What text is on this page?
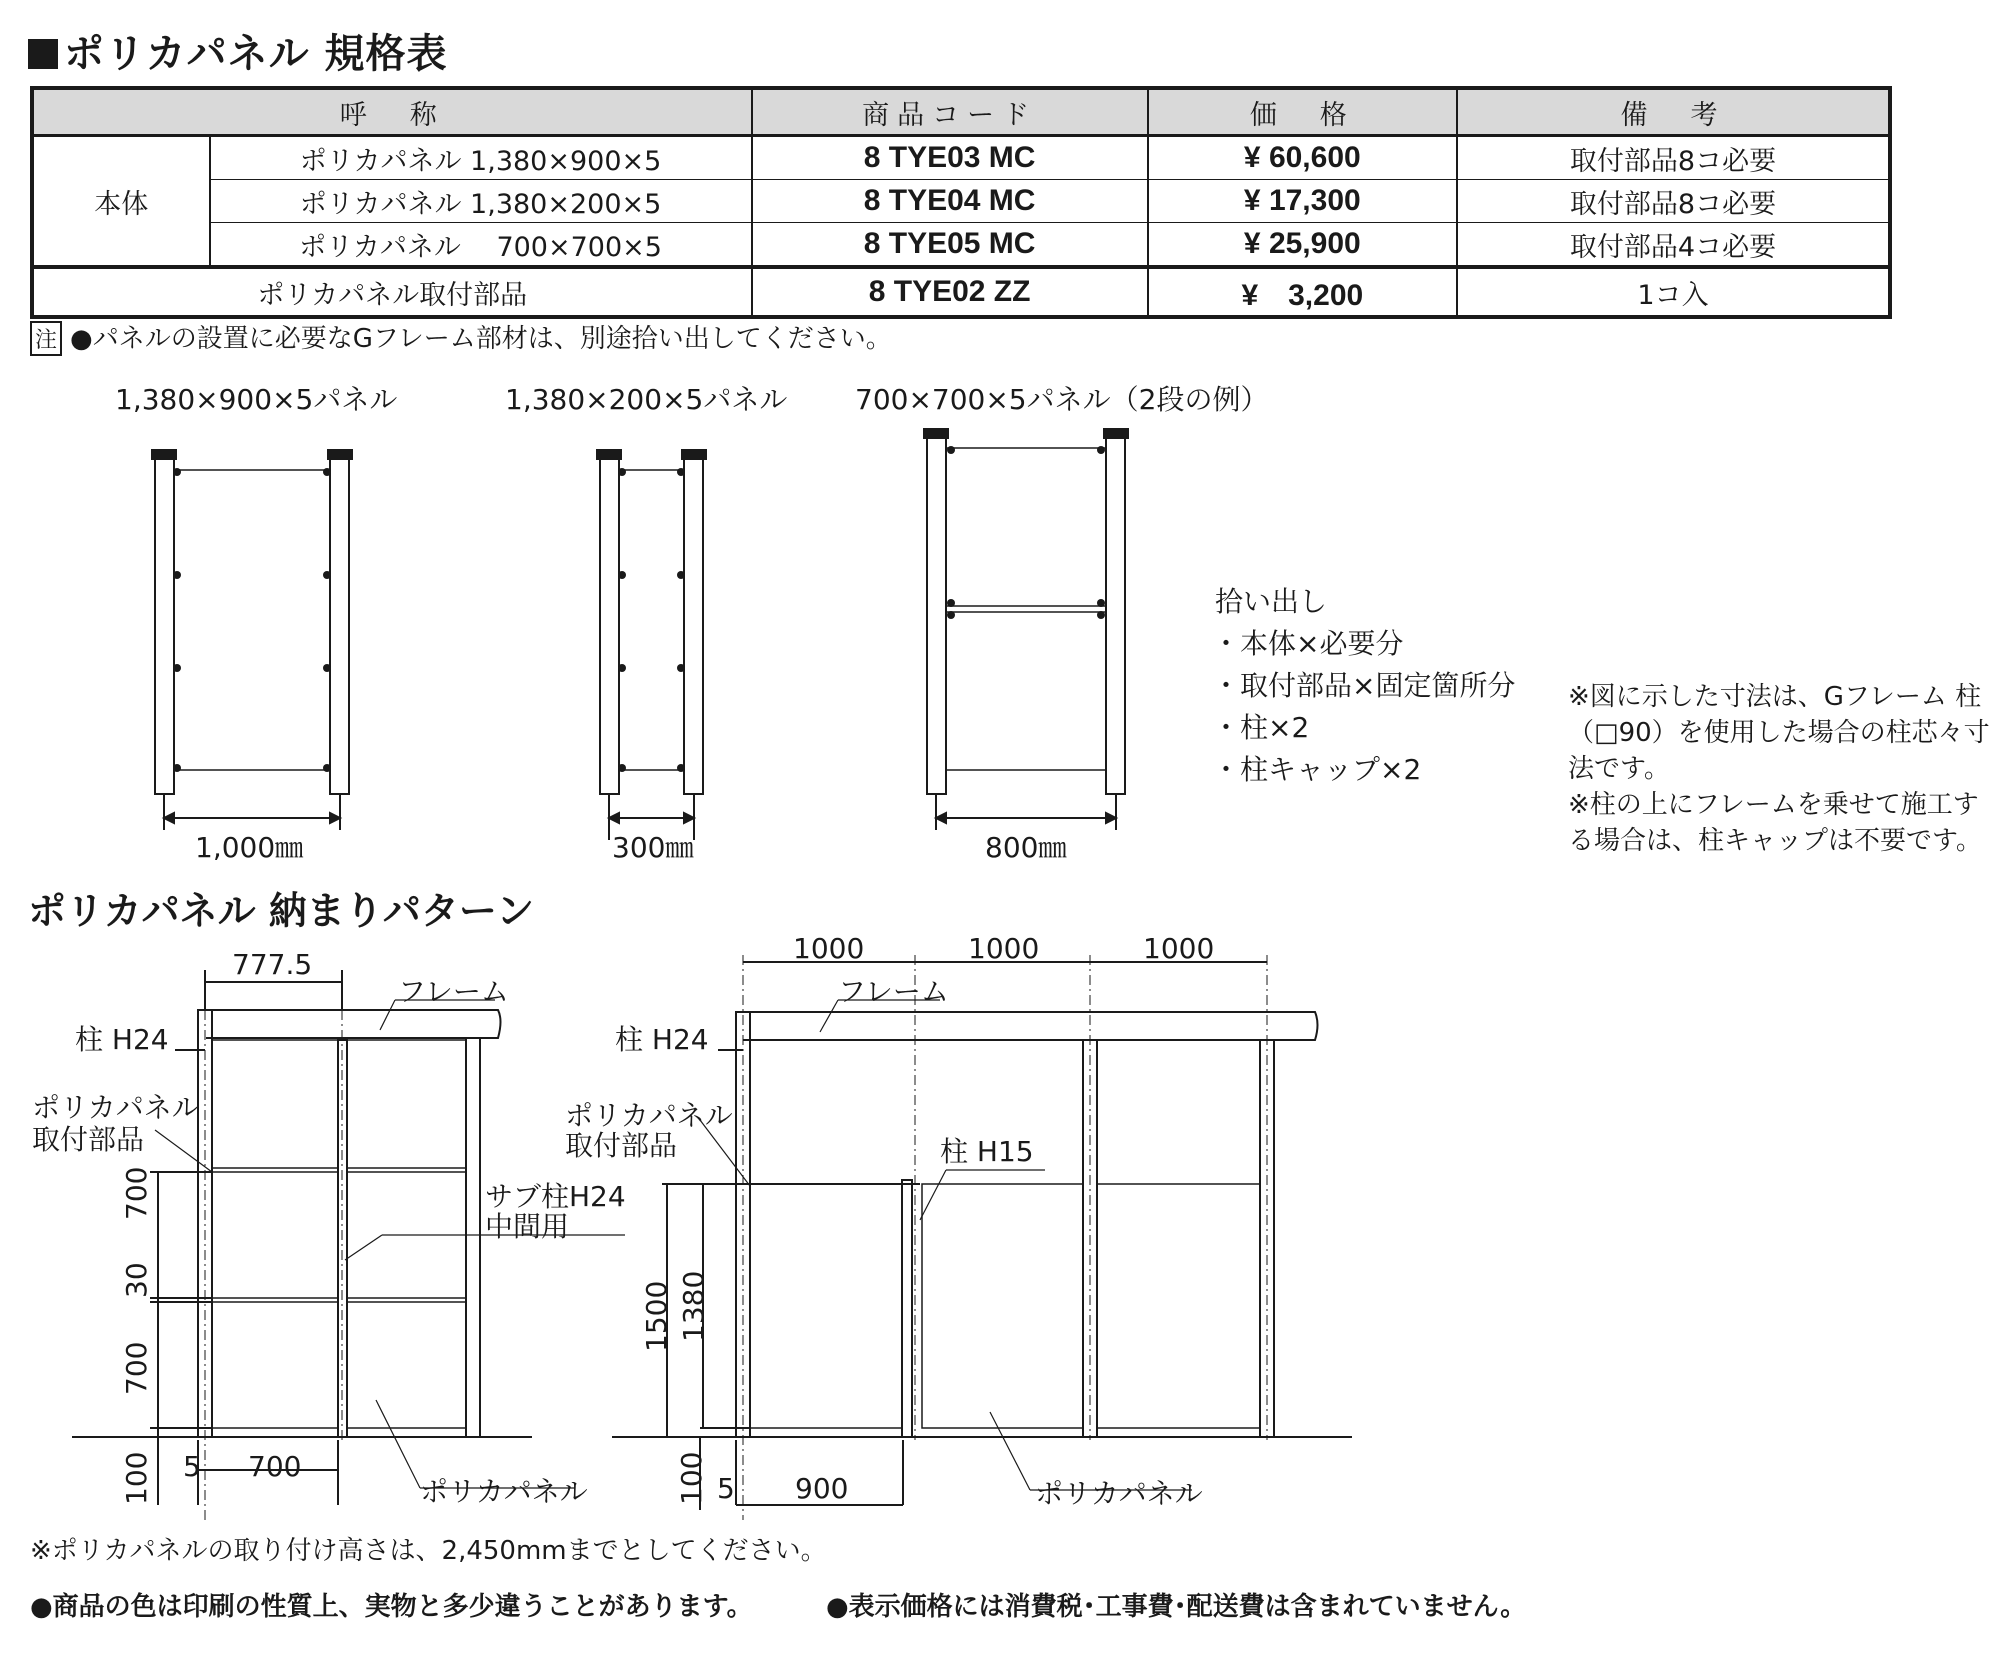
ポリカパネル 規格表
呼　称		商品コード	価　格	備　考
本体	ポリカパネル 1,380×900×5	8 TYE03 MC	¥ 60,600	取付部品8コ必要
	ポリカパネル 1,380×200×5	8 TYE04 MC	¥ 17,300	取付部品8コ必要
	ポリカパネル　 700×700×5	8 TYE05 MC	¥ 25,900	取付部品4コ必要
ポリカパネル取付部品		8 TYE02 ZZ	¥　3,200	1コ入
注 ●パネルの設置に必要なGフレーム部材は、別途拾い出してください。
1,380×900×5パネル	1,380×200×5パネル 700×700×5パネル（2段の例）
1,000㎜	300㎜	800㎜
拾い出し
・本体×必要分
・取付部品×固定箇所分
・柱×2
・柱キャップ×2
※図に示した寸法は、Gフレーム 柱
（□90）を使用した場合の柱芯々寸
法です。
※柱の上にフレームを乗せて施工す
る場合は、柱キャップは不要です。
ポリカパネル 納まりパターン
777.5
フレーム
柱 H24
ポリカパネル
取付部品
サブ柱H24
中間用
700
30
700
100 5 700
ポリカパネル
1000	1000	1000
フレーム
柱 H24
ポリカパネル
取付部品	柱 H15
1500 1380
100 5 900	ポリカパネル
※ポリカパネルの取り付け高さは、2,450mmまでとしてください。
●商品の色は印刷の性質上、実物と多少違うことがあります。	●表示価格には消費税･工事費･配送費は含まれていません。
